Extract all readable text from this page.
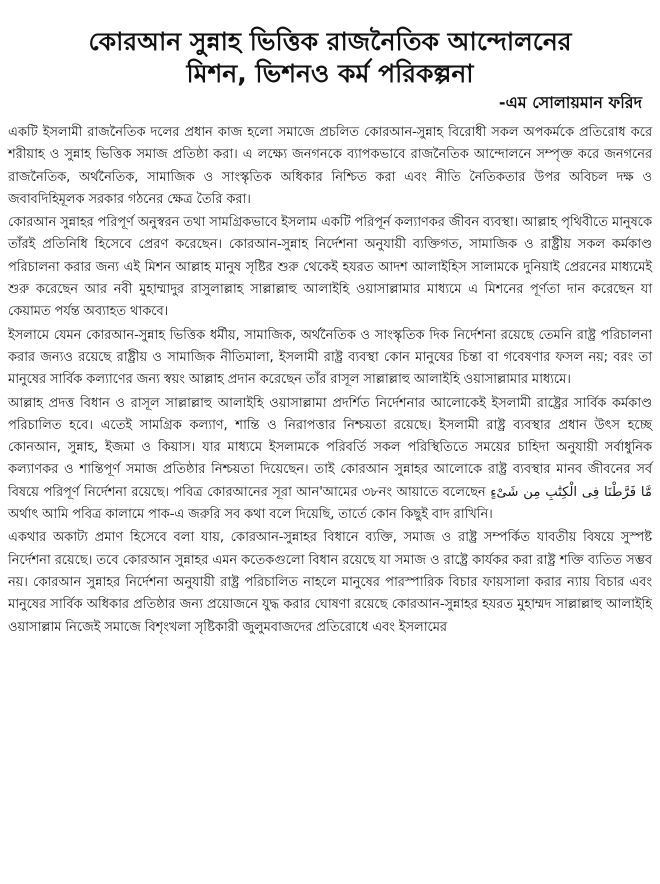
কোরআন সুন্নাহ ভিত্তিক রাজনৈতিক আন্দোলনের
মিশন, ভিশনও কর্ম পরিকল্পনা
-এম সোলায়মান ফরিদ

একটি ইসলামী রাজনৈতিক দলের প্রধান কাজ হলো সমাজে প্রচলিত কোরআন-সুন্নাহ বিরোধী সকল অপকর্মকে প্রতিরোধ করে শরীয়াহ ও সুন্নাহ ভিত্তিক সমাজ প্রতিষ্ঠা করা। এ লক্ষ্যে জনগনকে ব্যাপকভাবে রাজনৈতিক আন্দোলনে সম্পৃক্ত করে জনগনের রাজনৈতিক, অর্থনৈতিক, সামাজিক ও সাংস্কৃতিক অধিকার নিশ্চিত করা এবং নীতি নৈতিকতার উপর অবিচল দক্ষ ও জবাবদিহিমূলক সরকার গঠনের ক্ষেত্র তৈরি করা।

কোরআন সুন্নাহর পরিপূর্ণ অনুস্বরন তথা সামগ্রিকভাবে ইসলাম একটি পরিপূর্ন কল্যাণকর জীবন ব্যবস্থা। আল্লাহ পৃথিবীতে মানুষকে তাঁরই প্রতিনিধি হিসেবে প্রেরণ করেছেন। কোরআন-সুন্নাহ নির্দেশনা অনুযায়ী ব্যক্তিগত, সামাজিক ও রাষ্ট্রীয় সকল কর্মকাণ্ড পরিচালনা করার জন্য এই মিশন আল্লাহ মানুষ সৃষ্টির শুরু থেকেই হযরত আদশ আলাইহিস সালামকে দুনিয়াই প্রেরনের মাধ্যমেই শুরু করেছেন আর নবী মুহাম্মাদুর রাসুলাল্লাহ সাল্লাল্লাহু আলাইহি ওয়াসাল্লামার মাধ্যমে এ মিশনের পূর্ণতা দান করেছেন যা কেয়ামত পর্যন্ত অব্যাহত থাকবে।

ইসলামে যেমন কোরআন-সুন্নাহ ভিত্তিক ধর্মীয়, সামাজিক, অর্থনৈতিক ও সাংস্কৃতিক দিক নির্দেশনা রয়েছে তেমনি রাষ্ট্র পরিচালনা করার জন্যও রয়েছে রাষ্ট্রীয় ও সামাজিক নীতিমালা, ইসলামী রাষ্ট্র ব্যবস্থা কোন মানুষের চিন্তা বা গবেষণার ফসল নয়; বরং তা মানুষের সার্বিক কল্যাণের জন্য স্বয়ং আল্লাহ প্রদান করেছেন তাঁর রাসূল সাল্লাল্লাহু আলাইহি ওয়াসাল্লামার মাধ্যমে।

আল্লাহ প্রদত্ত বিধান ও রাসূল সাল্লাল্লাহু আলাইহি ওয়াসাল্লামা প্রদর্শিত নির্দেশনার আলোকেই ইসলামী রাষ্ট্রের সার্বিক কর্মকাণ্ড পরিচালিত হবে। এতেই সামগ্রিক কল্যাণ, শান্তি ও নিরাপত্তার নিশ্চয়তা রয়েছে। ইসলামী রাষ্ট্র ব্যবস্থার প্রধান উৎস হচ্ছে কোনআন, সুন্নাহ, ইজমা ও কিয়াস। যার মাধ্যমে ইসলামকে পরিবর্তি সকল পরিস্থিতিতে সময়ের চাহিদা অনুযায়ী সর্বাধুনিক কল্যাণকর ও শান্তিপূর্ণ সমাজ প্রতিষ্ঠার নিশ্চয়তা দিয়েছেন। তাই কোরআন সুন্নাহর আলোকে রাষ্ট্র ব্যবস্থার মানব জীবনের সর্ব বিষয়ে পরিপূর্ণ নির্দেশনা রয়েছে। পবিত্র কোরআনের সূরা আন'আমের ৩৮নং আয়াতে বলেছেন مَّا فَرَّطْنَا فِى الْكِتَٰبِ مِن شَىْءٍ অর্থাৎ আমি পবিত্র কালামে পাক-এ জরুরি সব কথা বলে দিয়েছি, তার্তে কোন কিছুই বাদ রাখিনি।

একথার অকাট্য প্রমাণ হিসেবে বলা যায়, কোরআন-সুন্নাহর বিধানে ব্যক্তি, সমাজ ও রাষ্ট্র সম্পর্কিত যাবতীয় বিষয়ে সুস্পষ্ট নির্দেশনা রয়েছে। তবে কোরআন সুন্নাহর এমন কতেকগুলো বিধান রয়েছে যা সমাজ ও রাষ্ট্রে কার্যকর করা রাষ্ট্র শক্তি ব্যতিত সম্ভব নয়। কোরআন সুন্নাহর নির্দেশনা অনুযায়ী রাষ্ট্র পরিচালিত নাহলে মানুষের পারস্পারিক বিচার ফায়সালা করার ন্যায় বিচার এবং মানুষের সার্বিক অধিকার প্রতিষ্ঠার জন্য প্রয়োজনে যুদ্ধ করার ঘোষণা রয়েছে কোরআন-সুন্নাহর হযরত মুহাম্মদ সাল্লাল্লাহু আলাইহি ওয়াসাল্লাম নিজেই সমাজে বিশৃংখলা সৃষ্টিকারী জুলুমবাজদের প্রতিরোধে এবং ইসলামের
